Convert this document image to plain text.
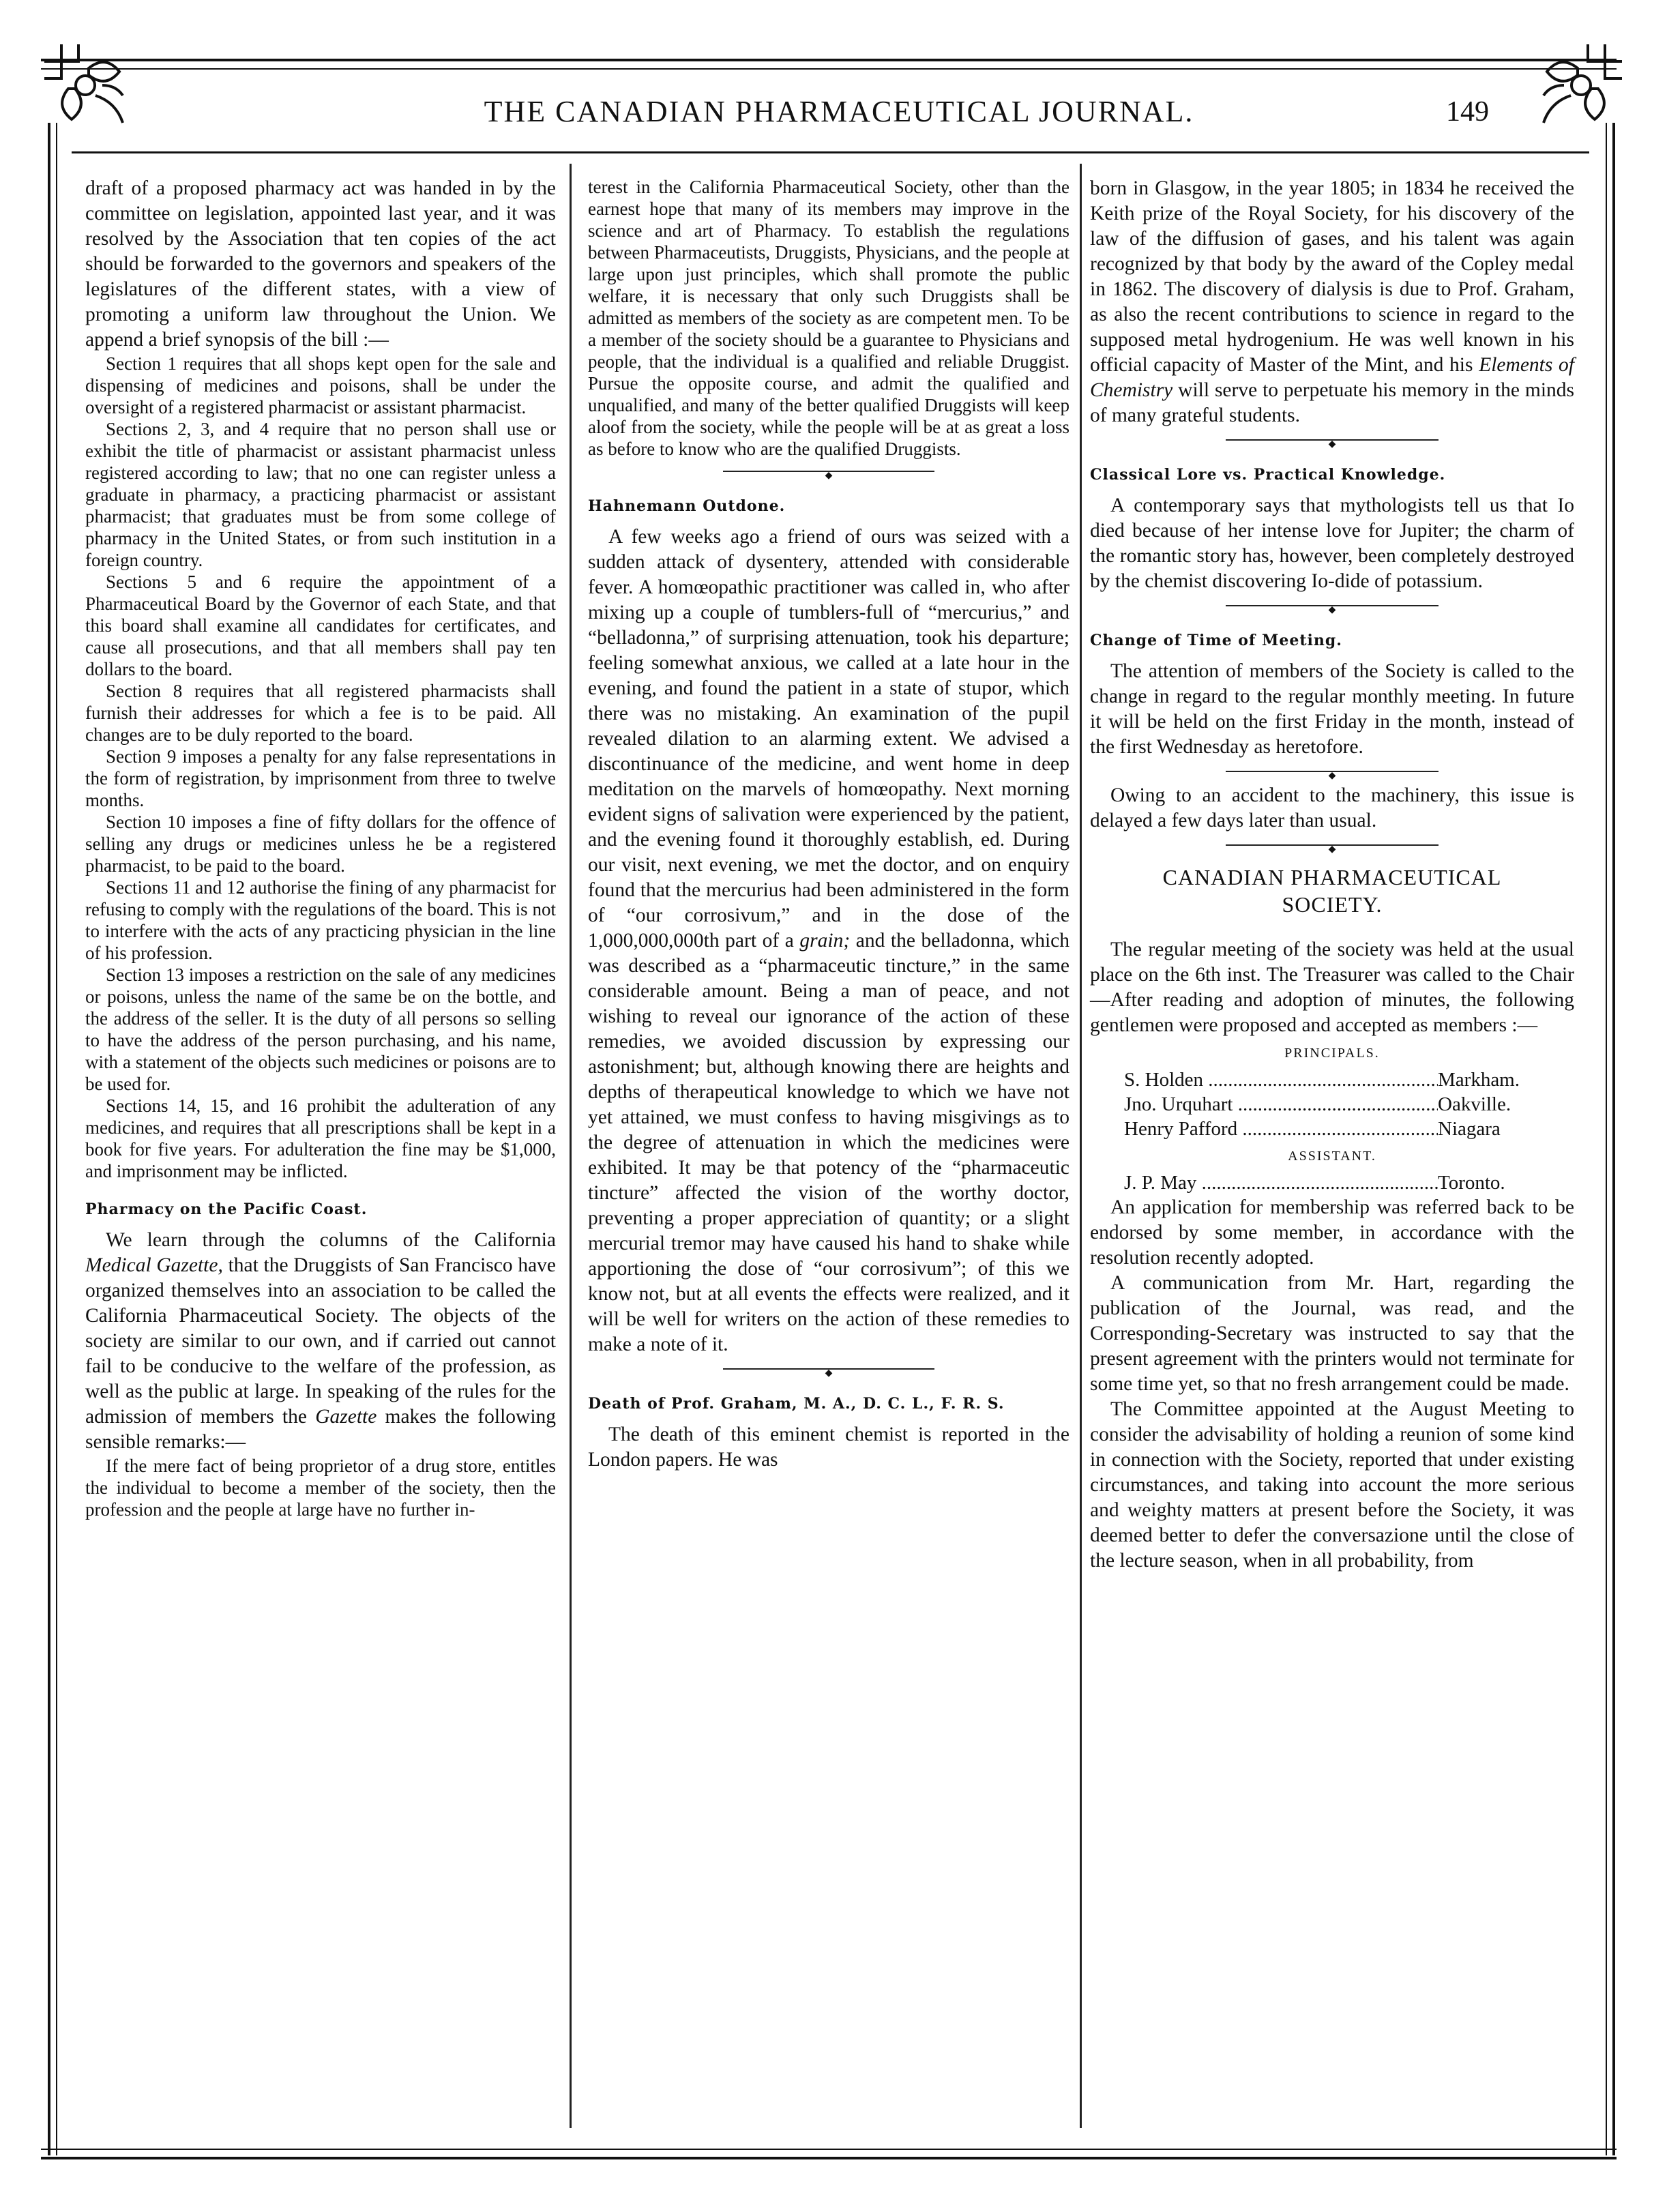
THE CANADIAN PHARMACEUTICAL JOURNAL.	149

draft of a proposed pharmacy act was handed in by the committee on legislation, appointed last year, and it was resolved by the Association that ten copies of the act should be forwarded to the governors and speakers of the legislatures of the different states, with a view of promoting a uniform law throughout the Union. We append a brief synopsis of the bill :—

Section 1 requires that all shops kept open for the sale and dispensing of medicines and poisons, shall be under the oversight of a registered pharmacist or assistant pharmacist.

Sections 2, 3, and 4 require that no person shall use or exhibit the title of pharmacist or assistant pharmacist unless registered according to law; that no one can register unless a graduate in pharmacy, a practicing pharmacist or assistant pharmacist; that graduates must be from some college of pharmacy in the United States, or from such institution in a foreign country.

Sections 5 and 6 require the appointment of a Pharmaceutical Board by the Governor of each State, and that this board shall examine all candidates for certificates, and cause all prosecutions, and that all members shall pay ten dollars to the board.

Section 8 requires that all registered pharmacists shall furnish their addresses for which a fee is to be paid. All changes are to be duly reported to the board.

Section 9 imposes a penalty for any false representations in the form of registration, by imprisonment from three to twelve months.

Section 10 imposes a fine of fifty dollars for the offence of selling any drugs or medicines unless he be a registered pharmacist, to be paid to the board.

Sections 11 and 12 authorise the fining of any pharmacist for refusing to comply with the regulations of the board. This is not to interfere with the acts of any practicing physician in the line of his profession.

Section 13 imposes a restriction on the sale of any medicines or poisons, unless the name of the same be on the bottle, and the address of the seller. It is the duty of all persons so selling to have the address of the person purchasing, and his name, with a statement of the objects such medicines or poisons are to be used for.

Sections 14, 15, and 16 prohibit the adulteration of any medicines, and requires that all prescriptions shall be kept in a book for five years. For adulteration the fine may be $1,000, and imprisonment may be inflicted.

Pharmacy on the Pacific Coast.

We learn through the columns of the California Medical Gazette, that the Druggists of San Francisco have organized themselves into an association to be called the California Pharmaceutical Society. The objects of the society are similar to our own, and if carried out cannot fail to be conducive to the welfare of the profession, as well as the public at large. In speaking of the rules for the admission of members the Gazette makes the following sensible remarks:—

If the mere fact of being proprietor of a drug store, entitles the individual to become a member of the society, then the profession and the people at large have no further in-

terest in the California Pharmaceutical Society, other than the earnest hope that many of its members may improve in the science and art of Pharmacy. To establish the regulations between Pharmaceutists, Druggists, Physicians, and the people at large upon just principles, which shall promote the public welfare, it is necessary that only such Druggists shall be admitted as members of the society as are competent men. To be a member of the society should be a guarantee to Physicians and people, that the individual is a qualified and reliable Druggist. Pursue the opposite course, and admit the qualified and unqualified, and many of the better qualified Druggists will keep aloof from the society, while the people will be at as great a loss as before to know who are the qualified Druggists.

◆
Hahnemann Outdone.

A few weeks ago a friend of ours was seized with a sudden attack of dysentery, attended with considerable fever. A homœopathic practitioner was called in, who after mixing up a couple of tumblers-full of “mercurius,” and “belladonna,” of surprising attenuation, took his departure; feeling somewhat anxious, we called at a late hour in the evening, and found the patient in a state of stupor, which there was no mistaking. An examination of the pupil revealed dilation to an alarming extent. We advised a discontinuance of the medicine, and went home in deep meditation on the marvels of homœopathy. Next morning evident signs of salivation were experienced by the patient, and the evening found it thoroughly establish, ed. During our visit, next evening, we met the doctor, and on enquiry found that the mercurius had been administered in the form of “our corrosivum,” and in the dose of the 1,000,000,000th part of a grain; and the belladonna, which was described as a “pharmaceutic tincture,” in the same considerable amount. Being a man of peace, and not wishing to reveal our ignorance of the action of these remedies, we avoided discussion by expressing our astonishment; but, although knowing there are heights and depths of therapeutical knowledge to which we have not yet attained, we must confess to having misgivings as to the degree of attenuation in which the medicines were exhibited. It may be that potency of the “pharmaceutic tincture” affected the vision of the worthy doctor, preventing a proper appreciation of quantity; or a slight mercurial tremor may have caused his hand to shake while apportioning the dose of “our corrosivum”; of this we know not, but at all events the effects were realized, and it will be well for writers on the action of these remedies to make a note of it.

◆
Death of Prof. Graham, M. A., D. C. L., F. R. S.

The death of this eminent chemist is reported in the London papers. He was

born in Glasgow, in the year 1805; in 1834 he received the Keith prize of the Royal Society, for his discovery of the law of the diffusion of gases, and his talent was again recognized by that body by the award of the Copley medal in 1862. The discovery of dialysis is due to Prof. Graham, as also the recent contributions to science in regard to the supposed metal hydrogenium. He was well known in his official capacity of Master of the Mint, and his Elements of Chemistry will serve to perpetuate his memory in the minds of many grateful students.

◆
Classical Lore vs. Practical Knowledge.

A contemporary says that mythologists tell us that Io died because of her intense love for Jupiter; the charm of the romantic story has, however, been completely destroyed by the chemist discovering Io-dide of potassium.

◆
Change of Time of Meeting.

The attention of members of the Society is called to the change in regard to the regular monthly meeting. In future it will be held on the first Friday in the month, instead of the first Wednesday as heretofore.

◆

Owing to an accident to the machinery, this issue is delayed a few days later than usual.

◆
CANADIAN PHARMACEUTICAL
SOCIETY.

The regular meeting of the society was held at the usual place on the 6th inst. The Treasurer was called to the Chair—After reading and adoption of minutes, the following gentlemen were proposed and accepted as members :—

PRINCIPALS.
S. Holden .....	Markham.
Jno. Urquhart .....	Oakville.
Henry Pafford .....	Niagara
ASSISTANT.
J. P. May .....	Toronto.

An application for membership was referred back to be endorsed by some member, in accordance with the resolution recently adopted.

A communication from Mr. Hart, regarding the publication of the Journal, was read, and the Corresponding-Secretary was instructed to say that the present agreement with the printers would not terminate for some time yet, so that no fresh arrangement could be made.

The Committee appointed at the August Meeting to consider the advisability of holding a reunion of some kind in connection with the Society, reported that under existing circumstances, and taking into account the more serious and weighty matters at present before the Society, it was deemed better to defer the conversazione until the close of the lecture season, when in all probability, from
